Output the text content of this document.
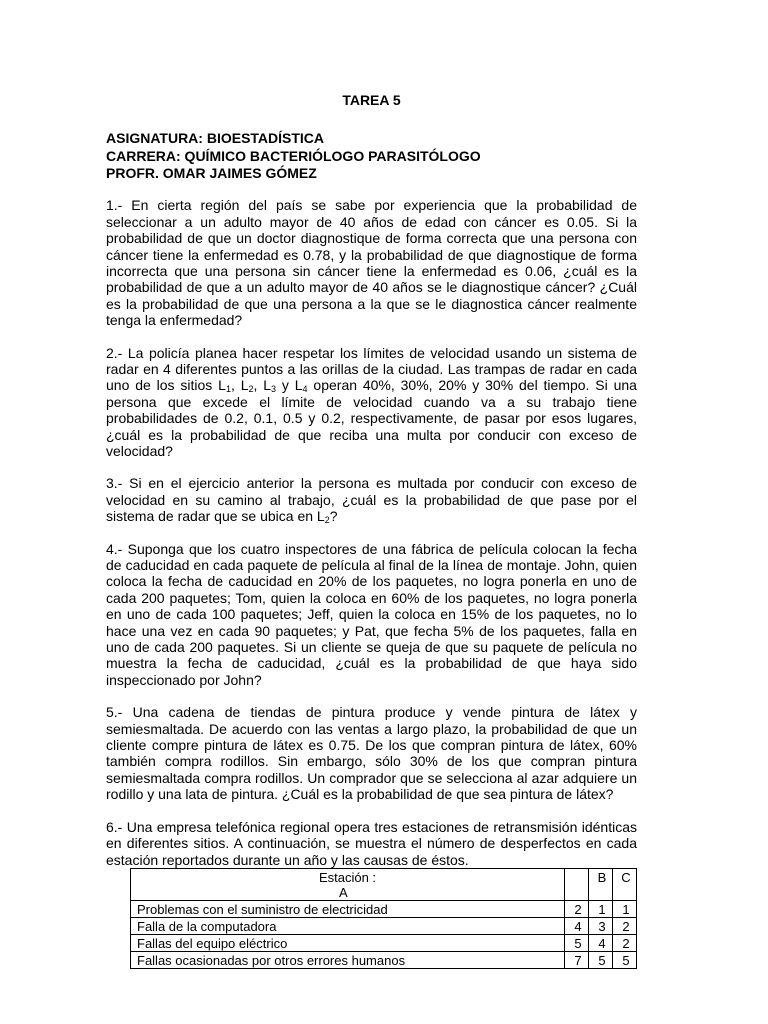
TAREA 5
ASIGNATURA: BIOESTADÍSTICA
CARRERA: QUÍMICO BACTERIÓLOGO PARASITÓLOGO
PROFR. OMAR JAIMES GÓMEZ

1.- En cierta región del país se sabe por experiencia que la probabilidad de seleccionar a un adulto mayor de 40 años de edad con cáncer es 0.05. Si la probabilidad de que un doctor diagnostique de forma correcta que una persona con cáncer tiene la enfermedad es 0.78, y la probabilidad de que diagnostique de forma incorrecta que una persona sin cáncer tiene la enfermedad es 0.06, ¿cuál es la probabilidad de que a un adulto mayor de 40 años se le diagnostique cáncer? ¿Cuál es la probabilidad de que una persona a la que se le diagnostica cáncer realmente tenga la enfermedad?

2.- La policía planea hacer respetar los límites de velocidad usando un sistema de radar en 4 diferentes puntos a las orillas de la ciudad. Las trampas de radar en cada uno de los sitios $L_1$, $L_2$, $L_3$ y $L_4$ operan 40%, 30%, 20% y 30% del tiempo. Si una persona que excede el límite de velocidad cuando va a su trabajo tiene probabilidades de 0.2, 0.1, 0.5 y 0.2, respectivamente, de pasar por esos lugares, ¿cuál es la probabilidad de que reciba una multa por conducir con exceso de velocidad?

3.- Si en el ejercicio anterior la persona es multada por conducir con exceso de velocidad en su camino al trabajo, ¿cuál es la probabilidad de que pase por el sistema de radar que se ubica en $L_2$?

4.- Suponga que los cuatro inspectores de una fábrica de película colocan la fecha de caducidad en cada paquete de película al final de la línea de montaje. John, quien coloca la fecha de caducidad en 20% de los paquetes, no logra ponerla en uno de cada 200 paquetes; Tom, quien la coloca en 60% de los paquetes, no logra ponerla en uno de cada 100 paquetes; Jeff, quien la coloca en 15% de los paquetes, no lo hace una vez en cada 90 paquetes; y Pat, que fecha 5% de los paquetes, falla en uno de cada 200 paquetes. Si un cliente se queja de que su paquete de película no muestra la fecha de caducidad, ¿cuál es la probabilidad de que haya sido inspeccionado por John?

5.- Una cadena de tiendas de pintura produce y vende pintura de látex y semiesmaltada. De acuerdo con las ventas a largo plazo, la probabilidad de que un cliente compre pintura de látex es 0.75. De los que compran pintura de látex, 60% también compra rodillos. Sin embargo, sólo 30% de los que compran pintura semiesmaltada compra rodillos. Un comprador que se selecciona al azar adquiere un rodillo y una lata de pintura. ¿Cuál es la probabilidad de que sea pintura de látex?

6.- Una empresa telefónica regional opera tres estaciones de retransmisión idénticas en diferentes sitios. A continuación, se muestra el número de desperfectos en cada estación reportados durante un año y las causas de éstos.

Estación :
A		B	C
Problemas con el suministro de electricidad	2	1	1
Falla de la computadora	4	3	2
Fallas del equipo eléctrico	5	4	2
Fallas ocasionadas por otros errores humanos	7	5	5
